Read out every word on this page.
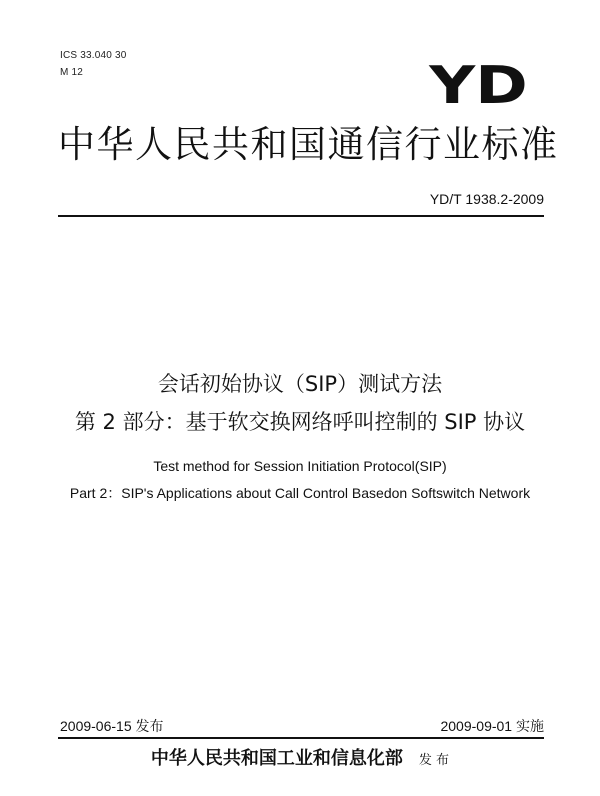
ICS 33.040 30
M 12	YD
中华人民共和国通信行业标准
YD/T 1938.2-2009
会话初始协议（SIP）测试方法
第 2 部分：基于软交换网络呼叫控制的 SIP 协议
Test method for Session Initiation Protocol(SIP)
Part 2：SIP's Applications about Call Control Basedon Softswitch Network
2009-06-15 发布	2009-09-01 实施
中华人民共和国工业和信息化部 发 布
